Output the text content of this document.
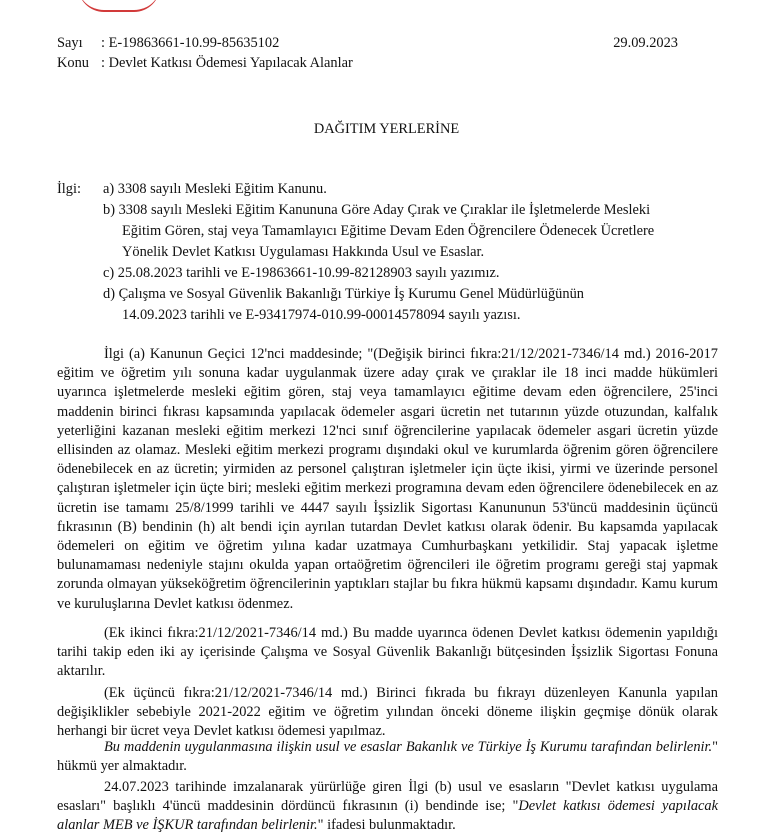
Sayı : E-19863661-10.99-85635102	29.09.2023
Konu : Devlet Katkısı Ödemesi Yapılacak Alanlar
DAĞITIM YERLERİNE
İlgi: a) 3308 sayılı Mesleki Eğitim Kanunu.
b) 3308 sayılı Mesleki Eğitim Kanununa Göre Aday Çırak ve Çıraklar ile İşletmelerde Mesleki
Eğitim Gören, staj veya Tamamlayıcı Eğitime Devam Eden Öğrencilere Ödenecek Ücretlere
Yönelik Devlet Katkısı Uygulaması Hakkında Usul ve Esaslar.
c) 25.08.2023 tarihli ve E-19863661-10.99-82128903 sayılı yazımız.
d) Çalışma ve Sosyal Güvenlik Bakanlığı Türkiye İş Kurumu Genel Müdürlüğünün
14.09.2023 tarihli ve E-93417974-010.99-00014578094 sayılı yazısı.
İlgi (a) Kanunun Geçici 12'nci maddesinde; "(Değişik birinci fıkra:21/12/2021-7346/14 md.) 2016-2017 eğitim ve öğretim yılı sonuna kadar uygulanmak üzere aday çırak ve çıraklar ile 18 inci madde hükümleri uyarınca işletmelerde mesleki eğitim gören, staj veya tamamlayıcı eğitime devam eden öğrencilere, 25'inci maddenin birinci fıkrası kapsamında yapılacak ödemeler asgari ücretin net tutarının yüzde otuzundan, kalfalık yeterliğini kazanan mesleki eğitim merkezi 12'nci sınıf öğrencilerine yapılacak ödemeler asgari ücretin yüzde ellisinden az olamaz. Mesleki eğitim merkezi programı dışındaki okul ve kurumlarda öğrenim gören öğrencilere ödenebilecek en az ücretin; yirmiden az personel çalıştıran işletmeler için üçte ikisi, yirmi ve üzerinde personel çalıştıran işletmeler için üçte biri; mesleki eğitim merkezi programına devam eden öğrencilere ödenebilecek en az ücretin ise tamamı 25/8/1999 tarihli ve 4447 sayılı İşsizlik Sigortası Kanununun 53'üncü maddesinin üçüncü fıkrasının (B) bendinin (h) alt bendi için ayrılan tutardan Devlet katkısı olarak ödenir. Bu kapsamda yapılacak ödemeleri on eğitim ve öğretim yılına kadar uzatmaya Cumhurbaşkanı yetkilidir. Staj yapacak işletme bulunamaması nedeniyle stajını okulda yapan ortaöğretim öğrencileri ile öğretim programı gereği staj yapmak zorunda olmayan yükseköğretim öğrencilerinin yaptıkları stajlar bu fıkra hükmü kapsamı dışındadır. Kamu kurum ve kuruluşlarına Devlet katkısı ödenmez.
(Ek ikinci fıkra:21/12/2021-7346/14 md.) Bu madde uyarınca ödenen Devlet katkısı ödemenin yapıldığı tarihi takip eden iki ay içerisinde Çalışma ve Sosyal Güvenlik Bakanlığı bütçesinden İşsizlik Sigortası Fonuna aktarılır.
(Ek üçüncü fıkra:21/12/2021-7346/14 md.) Birinci fıkrada bu fıkrayı düzenleyen Kanunla yapılan değişiklikler sebebiyle 2021-2022 eğitim ve öğretim yılından önceki döneme ilişkin geçmişe dönük olarak herhangi bir ücret veya Devlet katkısı ödemesi yapılmaz.
Bu maddenin uygulanmasına ilişkin usul ve esaslar Bakanlık ve Türkiye İş Kurumu tarafından belirlenir." hükmü yer almaktadır.
24.07.2023 tarihinde imzalanarak yürürlüğe giren İlgi (b) usul ve esasların "Devlet katkısı uygulama esasları" başlıklı 4'üncü maddesinin dördüncü fıkrasının (i) bendinde ise; "Devlet katkısı ödemesi yapılacak alanlar MEB ve İŞKUR tarafından belirlenir." ifadesi bulunmaktadır.
